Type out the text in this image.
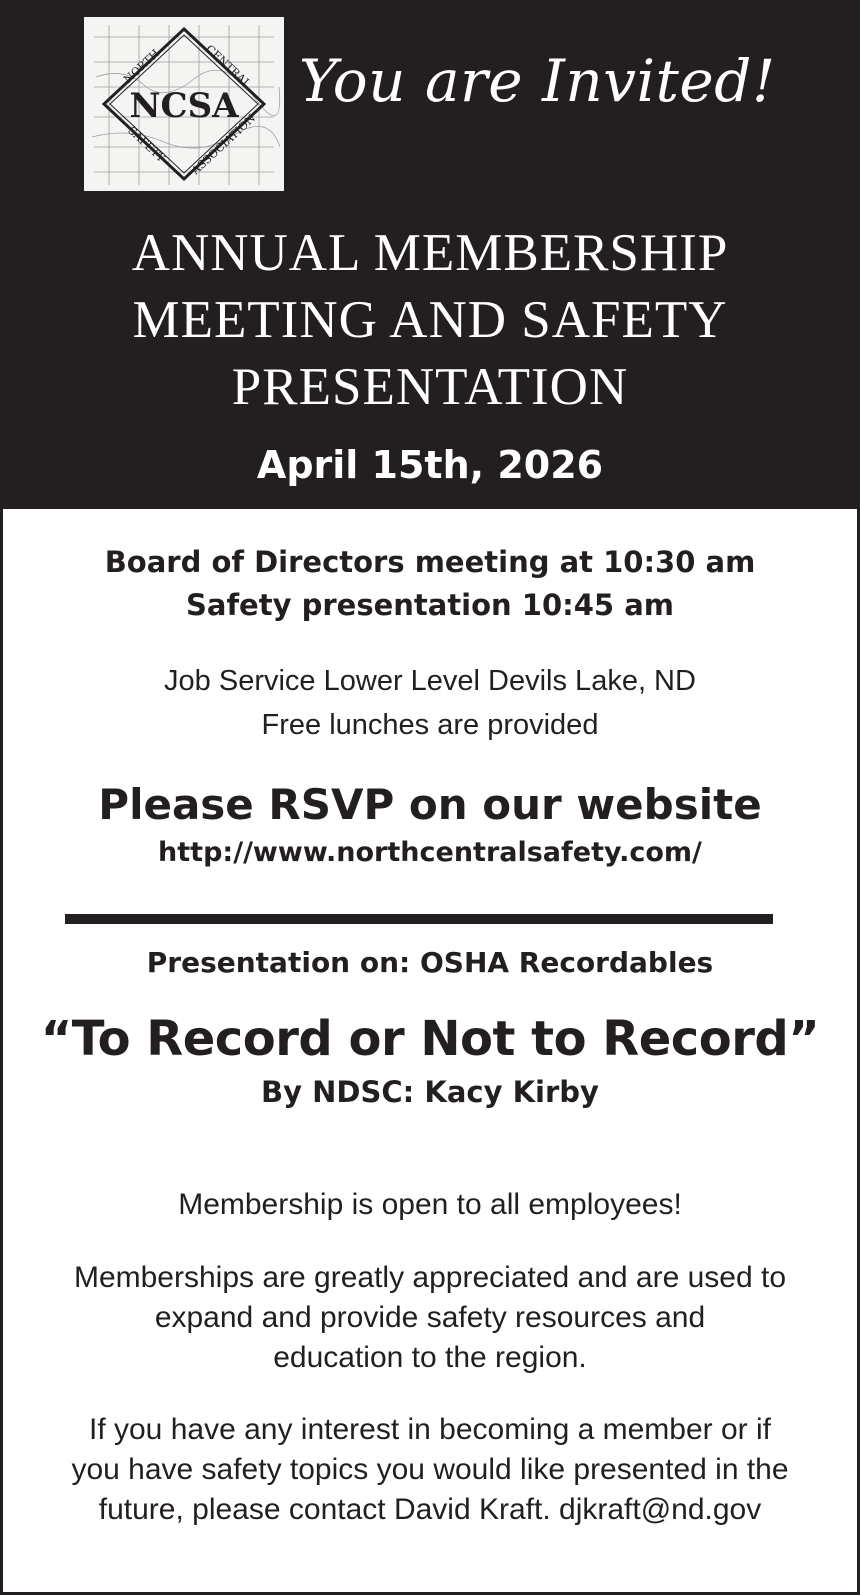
NCSA
NORTH	CENTRAL
SAFETY ASSOCIATION
You are Invited!
ANNUAL MEMBERSHIP
MEETING AND SAFETY
PRESENTATION
April 15th, 2026
Board of Directors meeting at 10:30 am
Safety presentation 10:45 am
Job Service Lower Level Devils Lake, ND
Free lunches are provided
Please RSVP on our website
http://www.northcentralsafety.com/
Presentation on: OSHA Recordables
“To Record or Not to Record”
By NDSC: Kacy Kirby
Membership is open to all employees!
Memberships are greatly appreciated and are used to
expand and provide safety resources and
education to the region.
If you have any interest in becoming a member or if
you have safety topics you would like presented in the
future, please contact David Kraft. djkraft@nd.gov
